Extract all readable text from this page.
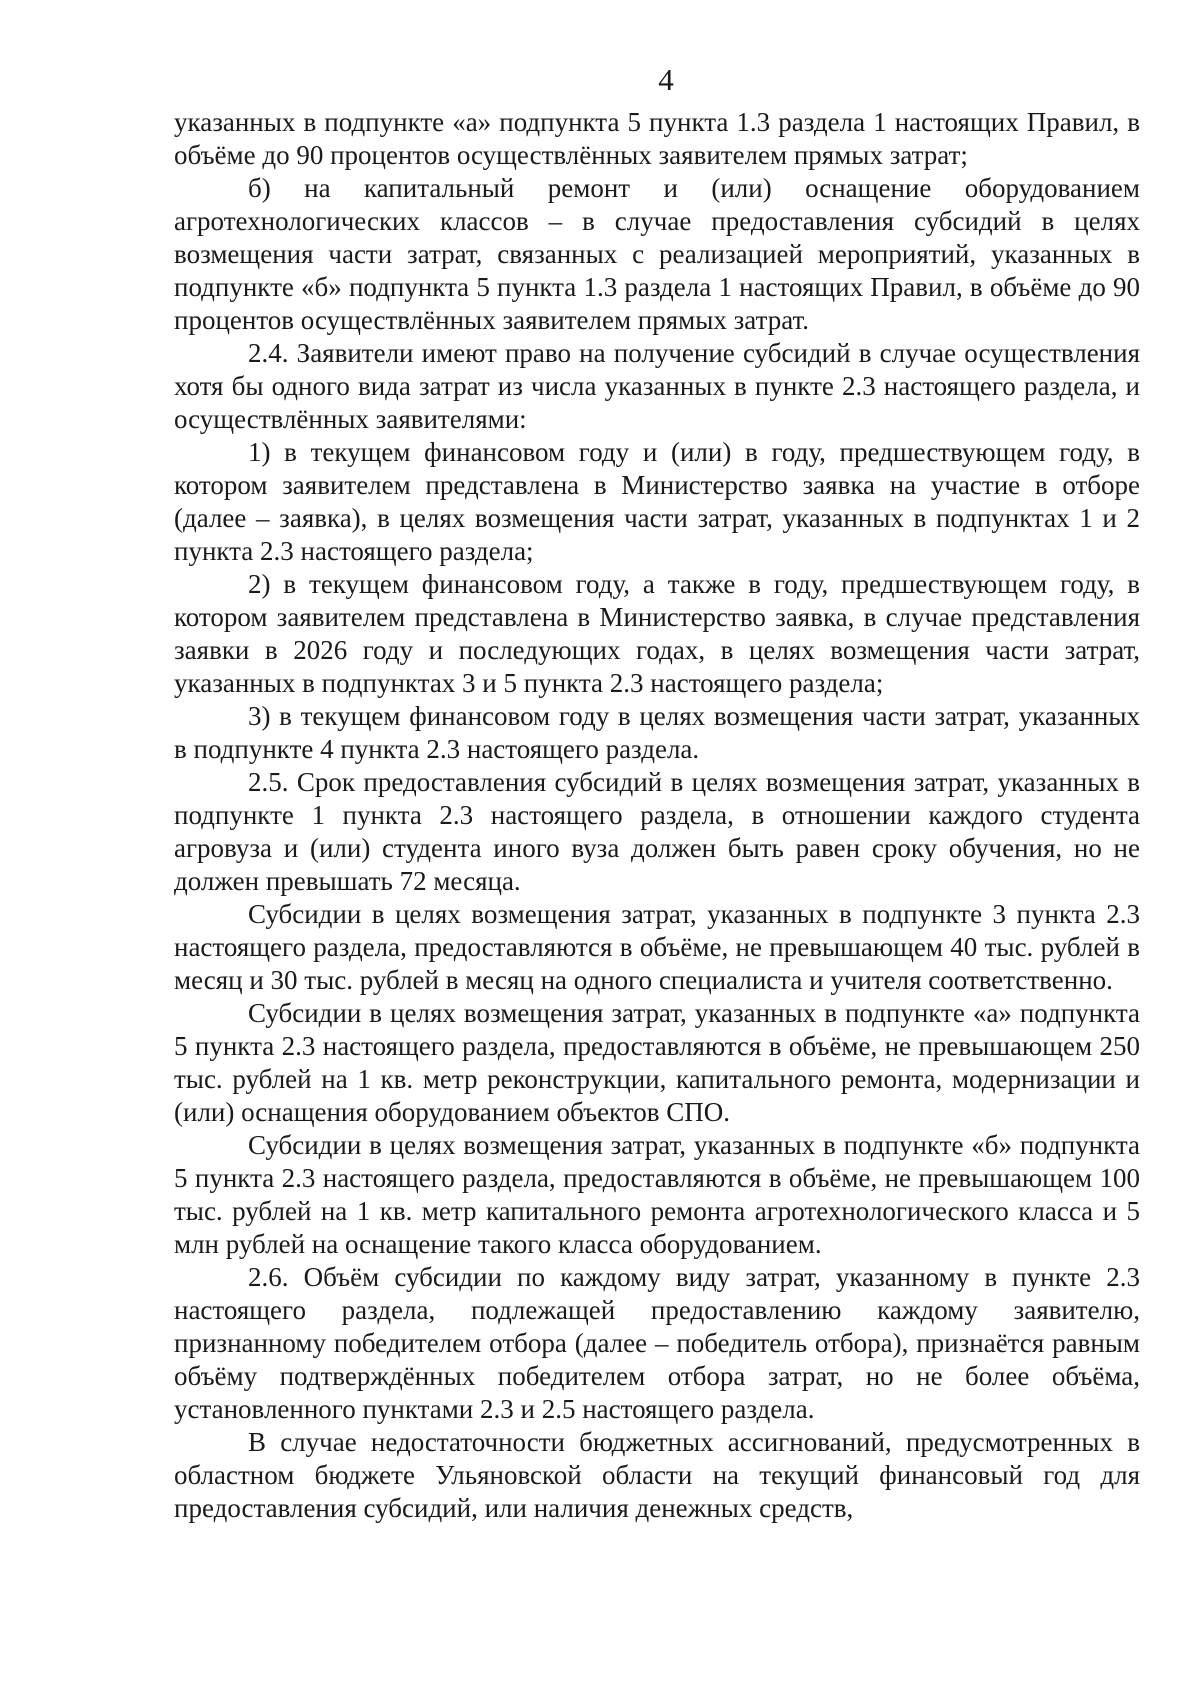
4

указанных в подпункте «а» подпункта 5 пункта 1.3 раздела 1 настоящих Правил, в объёме до 90 процентов осуществлённых заявителем прямых затрат;

б) на капитальный ремонт и (или) оснащение оборудованием агротехнологических классов – в случае предоставления субсидий в целях возмещения части затрат, связанных с реализацией мероприятий, указанных в подпункте «б» подпункта 5 пункта 1.3 раздела 1 настоящих Правил, в объёме до 90 процентов осуществлённых заявителем прямых затрат.

2.4. Заявители имеют право на получение субсидий в случае осуществления хотя бы одного вида затрат из числа указанных в пункте 2.3 настоящего раздела, и осуществлённых заявителями:

1) в текущем финансовом году и (или) в году, предшествующем году, в котором заявителем представлена в Министерство заявка на участие в отборе (далее – заявка), в целях возмещения части затрат, указанных в подпунктах 1 и 2 пункта 2.3 настоящего раздела;

2) в текущем финансовом году, а также в году, предшествующем году, в котором заявителем представлена в Министерство заявка, в случае представления заявки в 2026 году и последующих годах, в целях возмещения части затрат, указанных в подпунктах 3 и 5 пункта 2.3 настоящего раздела;

3) в текущем финансовом году в целях возмещения части затрат, указанных в подпункте 4 пункта 2.3 настоящего раздела.

2.5. Срок предоставления субсидий в целях возмещения затрат, указанных в подпункте 1 пункта 2.3 настоящего раздела, в отношении каждого студента агровуза и (или) студента иного вуза должен быть равен сроку обучения, но не должен превышать 72 месяца.

Субсидии в целях возмещения затрат, указанных в подпункте 3 пункта 2.3 настоящего раздела, предоставляются в объёме, не превышающем 40 тыс. рублей в месяц и 30 тыс. рублей в месяц на одного специалиста и учителя соответственно.

Субсидии в целях возмещения затрат, указанных в подпункте «а» подпункта 5 пункта 2.3 настоящего раздела, предоставляются в объёме, не превышающем 250 тыс. рублей на 1 кв. метр реконструкции, капитального ремонта, модернизации и (или) оснащения оборудованием объектов СПО.

Субсидии в целях возмещения затрат, указанных в подпункте «б» подпункта 5 пункта 2.3 настоящего раздела, предоставляются в объёме, не превышающем 100 тыс. рублей на 1 кв. метр капитального ремонта агротехнологического класса и 5 млн рублей на оснащение такого класса оборудованием.

2.6. Объём субсидии по каждому виду затрат, указанному в пункте 2.3 настоящего раздела, подлежащей предоставлению каждому заявителю, признанному победителем отбора (далее – победитель отбора), признаётся равным объёму подтверждённых победителем отбора затрат, но не более объёма, установленного пунктами 2.3 и 2.5 настоящего раздела.

В случае недостаточности бюджетных ассигнований, предусмотренных в областном бюджете Ульяновской области на текущий финансовый год для предоставления субсидий, или наличия денежных средств,
